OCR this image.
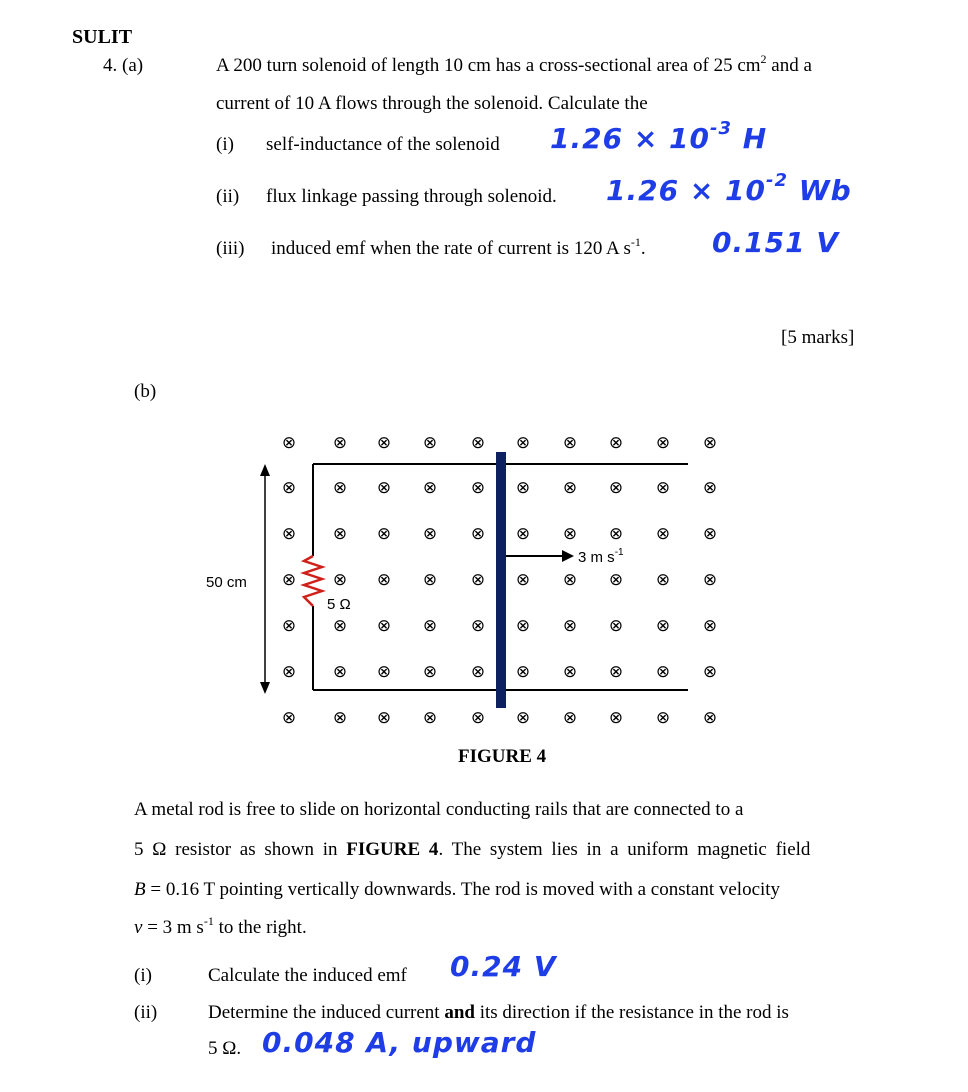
SULIT
4. (a)	A 200 turn solenoid of length 10 cm has a cross-sectional area of 25 $cm^2$ and a
current of 10 A flows through the solenoid. Calculate the
(i) self-inductance of the solenoid $1.26 \times 10^{-3}$ H
(ii) flux linkage passing through solenoid. $1.26 \times 10^{-2}$ Wb
(iii) induced emf when the rate of current is 120 A $s^{-1}$. 0.151 V
[5 marks]
(b)
⊗ ⊗ ⊗ ⊗ ⊗ ⊗ ⊗ ⊗ ⊗ ⊗
⊗ ⊗ ⊗ ⊗ ⊗ ⊗ ⊗ ⊗ ⊗ ⊗
⊗ ⊗ ⊗ ⊗ ⊗ ⊗ ⊗ ⊗ ⊗ ⊗
⊗ ⊗ ⊗ ⊗ ⊗ ⊗ ⊗ ⊗ ⊗ ⊗
⊗ ⊗ ⊗ ⊗ ⊗ ⊗ ⊗ ⊗ ⊗ ⊗
⊗ ⊗ ⊗ ⊗ ⊗ ⊗ ⊗ ⊗ ⊗ ⊗
⊗ ⊗ ⊗ ⊗ ⊗ ⊗ ⊗ ⊗ ⊗ ⊗
3 m $s^{-1}$
50 cm
5 Ω
FIGURE 4
A metal rod is free to slide on horizontal conducting rails that are connected to a
5 Ω resistor as shown in FIGURE 4. The system lies in a uniform magnetic field
B = 0.16 T pointing vertically downwards. The rod is moved with a constant velocity
v = 3 m $s^{-1}$ to the right.
(i)	Calculate the induced emf 0.24 V
(ii)	Determine the induced current and its direction if the resistance in the rod is
5 Ω. 0.048 A, upward
